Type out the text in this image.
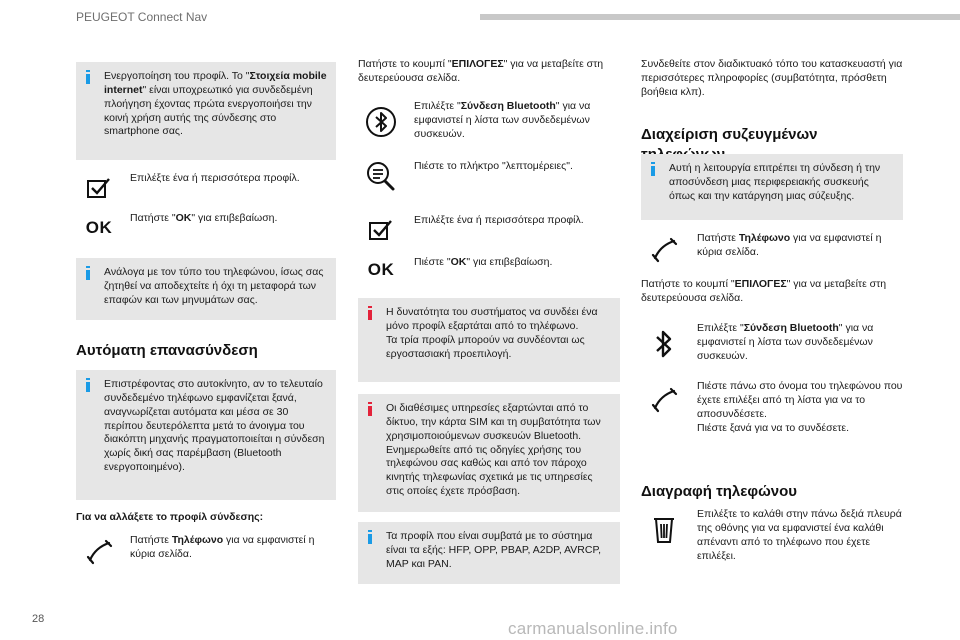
PEUGEOT Connect Nav

Ενεργοποίηση του προφίλ. Το "Στοιχεία mobile internet" είναι υποχρεωτικό για συνδεδεμένη πλοήγηση έχοντας πρώτα ενεργοποιήσει την κοινή χρήση αυτής της σύνδεσης στο smartphone σας.

Επιλέξτε ένα ή περισσότερα προφίλ.
OK Πατήστε "OK" για επιβεβαίωση.

Ανάλογα με τον τύπο του τηλεφώνου, ίσως σας ζητηθεί να αποδεχτείτε ή όχι τη μεταφορά των επαφών και των μηνυμάτων σας.

Αυτόματη επανασύνδεση

Επιστρέφοντας στο αυτοκίνητο, αν το τελευταίο συνδεδεμένο τηλέφωνο εμφανίζεται ξανά, αναγνωρίζεται αυτόματα και μέσα σε 30 περίπου δευτερόλεπτα μετά το άνοιγμα του διακόπτη μηχανής πραγματοποιείται η σύνδεση χωρίς δική σας παρέμβαση (Bluetooth ενεργοποιημένο).

Για να αλλάξετε το προφίλ σύνδεσης:
Πατήστε Τηλέφωνο για να εμφανιστεί η κύρια σελίδα.
Πατήστε το κουμπί "ΕΠΙΛΟΓΕΣ" για να μεταβείτε στη δευτερεύουσα σελίδα.
Επιλέξτε "Σύνδεση Bluetooth" για να εμφανιστεί η λίστα των συνδεδεμένων συσκευών.
Πιέστε το πλήκτρο "λεπτομέρειες".
Επιλέξτε ένα ή περισσότερα προφίλ.
OK Πιέστε "OK" για επιβεβαίωση.

Η δυνατότητα του συστήματος να συνδέει ένα μόνο προφίλ εξαρτάται από το τηλέφωνο.

Τα τρία προφίλ μπορούν να συνδέονται ως εργοστασιακή προεπιλογή.

Οι διαθέσιμες υπηρεσίες εξαρτώνται από το δίκτυο, την κάρτα SIM και τη συμβατότητα των χρησιμοποιούμενων συσκευών Bluetooth. Ενημερωθείτε από τις οδηγίες χρήσης του τηλεφώνου σας καθώς και από τον πάροχο κινητής τηλεφωνίας σχετικά με τις υπηρεσίες στις οποίες έχετε πρόσβαση.

Τα προφίλ που είναι συμβατά με το σύστημα είναι τα εξής: HFP, OPP, PBAP, A2DP, AVRCP, MAP και PAN.

Συνδεθείτε στον διαδικτυακό τόπο του κατασκευαστή για περισσότερες πληροφορίες (συμβατότητα, πρόσθετη βοήθεια κλπ).
Διαχείριση συζευγμένων

Αυτή η λειτουργία επιτρέπει τη σύνδεση ή την αποσύνδεση μιας περιφερειακής συσκευής όπως και την κατάργηση μιας σύζευξης.

Πατήστε Τηλέφωνο για να εμφανιστεί η κύρια σελίδα.
Πατήστε το κουμπί "ΕΠΙΛΟΓΕΣ" για να μεταβείτε στη δευτερεύουσα σελίδα.
Επιλέξτε "Σύνδεση Bluetooth" για να εμφανιστεί η λίστα των συνδεδεμένων συσκευών.

Πιέστε πάνω στο όνομα του τηλεφώνου που έχετε επιλέξει από τη λίστα για να το αποσυνδέσετε.

Πιέστε ξανά για να το συνδέσετε.

Διαγραφή τηλεφώνου
Επιλέξτε το καλάθι στην πάνω δεξιά πλευρά της οθόνης για να εμφανιστεί ένα καλάθι απέναντι από το τηλέφωνο που έχετε επιλέξει.
28	carmanualsonline.info
